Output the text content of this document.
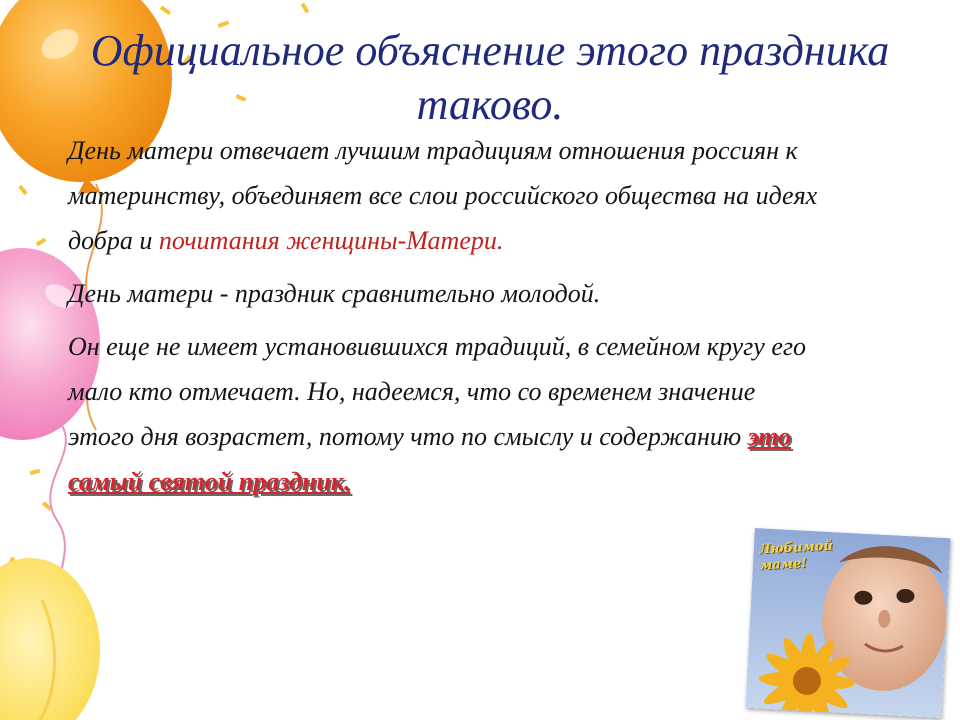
Официальное объяснение этого праздника таково.

День матери отвечает лучшим традициям отношения россиян к материнству, объединяет все слои российского общества на идеях добра и почитания женщины-Матери.

День матери - праздник сравнительно молодой.

Он еще не имеет установившихся традиций, в семейном кругу его мало кто отмечает. Но, надеемся, что со временем значение этого дня возрастет, потому что по смыслу и содержанию это самый святой праздник.

Любимой маме!
